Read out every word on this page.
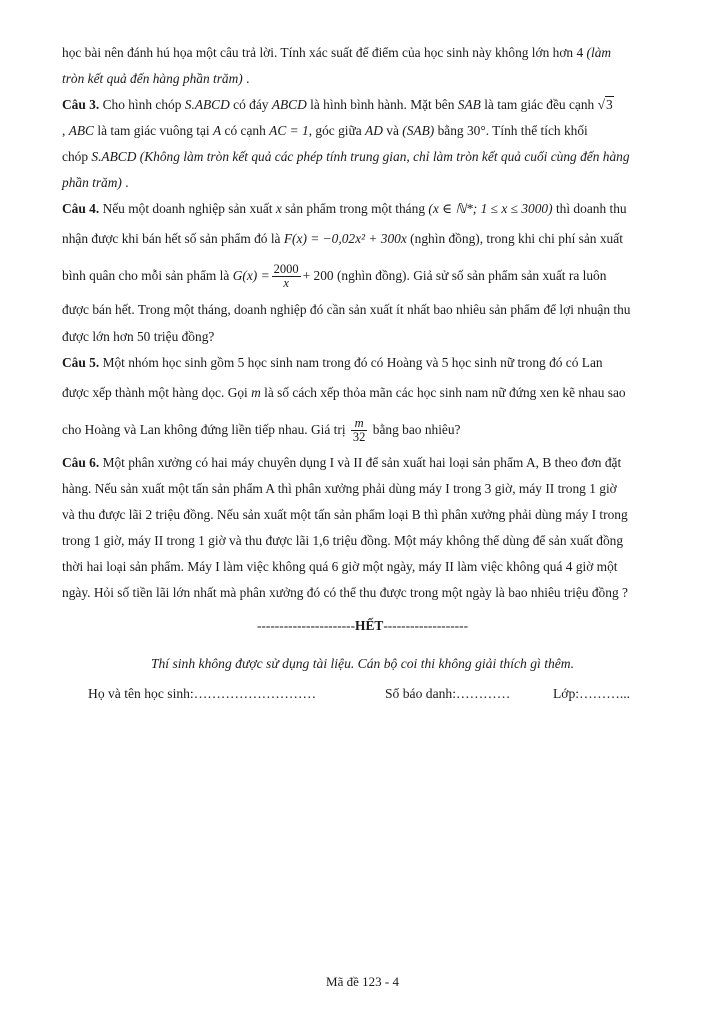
học bài nên đánh hú họa một câu trả lời. Tính xác suất để điểm của học sinh này không lớn hơn 4 (làm
tròn kết quả đến hàng phần trăm) .
Câu 3. Cho hình chóp S.ABCD có đáy ABCD là hình bình hành. Mặt bên SAB là tam giác đều cạnh √3
, ABC là tam giác vuông tại A có cạnh AC = 1, góc giữa AD và (SAB) bằng 30°. Tính thể tích khối
chóp S.ABCD (Không làm tròn kết quả các phép tính trung gian, chỉ làm tròn kết quả cuối cùng đến hàng
phần trăm) .
Câu 4. Nếu một doanh nghiệp sản xuất x sản phẩm trong một tháng (x ∈ ℕ*; 1 ≤ x ≤ 3000) thì doanh thu
nhận được khi bán hết số sản phẩm đó là F(x) = −0,02x² + 300x (nghìn đồng), trong khi chi phí sản xuất
bình quân cho mỗi sản phẩm là $G(x) = \frac{2000}{x} + 200$ (nghìn đồng). Giả sử số sản phẩm sản xuất ra luôn
được bán hết. Trong một tháng, doanh nghiệp đó cần sản xuất ít nhất bao nhiêu sản phẩm để lợi nhuận thu
được lớn hơn 50 triệu đồng?
Câu 5. Một nhóm học sinh gồm 5 học sinh nam trong đó có Hoàng và 5 học sinh nữ trong đó có Lan
được xếp thành một hàng dọc. Gọi m là số cách xếp thỏa mãn các học sinh nam nữ đứng xen kẽ nhau sao
cho Hoàng và Lan không đứng liền tiếp nhau. Giá trị $\frac{m}{32}$ bằng bao nhiêu?
Câu 6. Một phân xưởng có hai máy chuyên dụng I và II để sản xuất hai loại sản phẩm A, B theo đơn đặt
hàng. Nếu sản xuất một tấn sản phẩm A thì phân xưởng phải dùng máy I trong 3 giờ, máy II trong 1 giờ
và thu được lãi 2 triệu đồng. Nếu sản xuất một tấn sản phẩm loại B thì phân xưởng phải dùng máy I trong
trong 1 giờ, máy II trong 1 giờ và thu được lãi 1,6 triệu đồng. Một máy không thể dùng để sản xuất đồng
thời hai loại sản phẩm. Máy I làm việc không quá 6 giờ một ngày, máy II làm việc không quá 4 giờ một
ngày. Hỏi số tiền lãi lớn nhất mà phân xưởng đó có thể thu được trong một ngày là bao nhiêu triệu đồng ?
----------------------HẾT-------------------
Thí sinh không được sử dụng tài liệu. Cán bộ coi thi không giải thích gì thêm.
Họ và tên học sinh:………………………	Số báo danh:…………	Lớp:………...
Mã đề 123 - 4
